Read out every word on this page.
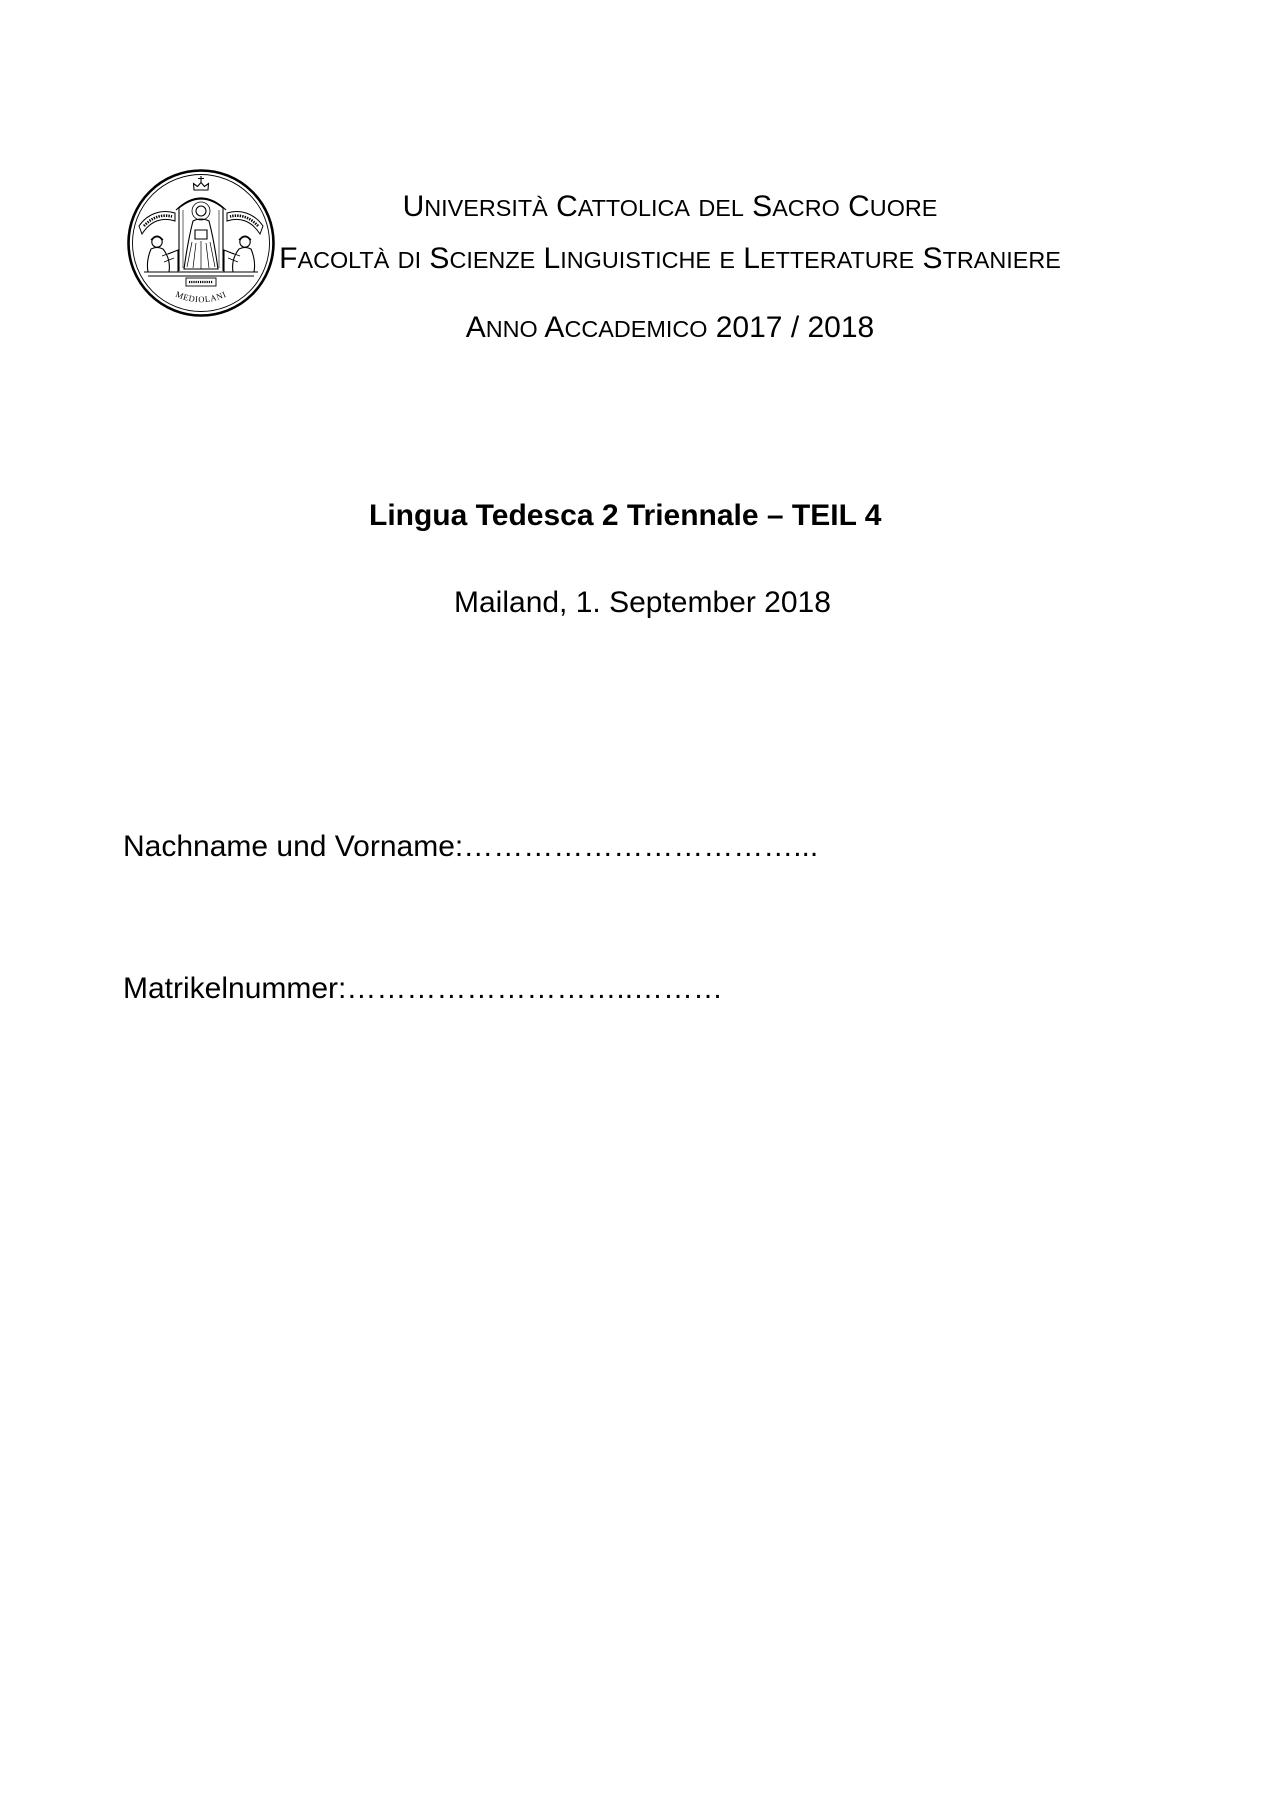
MEDIOLANI
UNIVERSITÀ CATTOLICA DEL SACRO CUORE
FACOLTÀ DI SCIENZE LINGUISTICHE E LETTERATURE STRANIERE
ANNO ACCADEMICO 2017 / 2018
Lingua Tedesca 2 Triennale – TEIL 4
Mailand, 1. September 2018
Nachname und Vorname:……………………………...
Matrikelnummer:………………………..………
